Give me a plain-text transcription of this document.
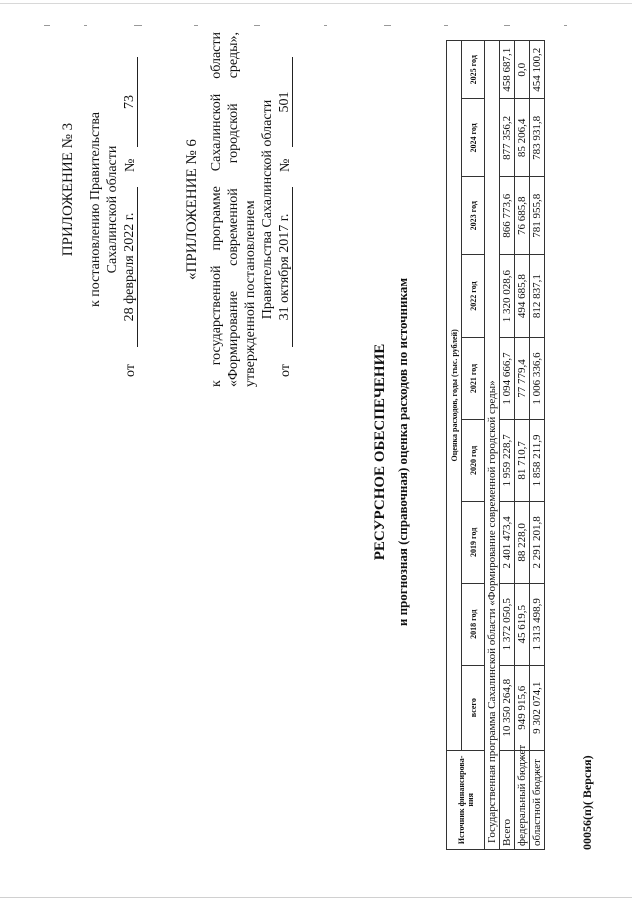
ПРИЛОЖЕНИЕ № 3 к постановлению Правительства Сахалинской области
от
28 февраля 2022 г.
№
73
«ПРИЛОЖЕНИЕ № 6 к государственной программе Сахалинской области «Формирование современной городской среды», утвержденной постановлением Правительства Сахалинской области
от
31 октября 2017 г.
№
501
РЕСУРСНОЕ ОБЕСПЕЧЕНИЕ и прогнозная (справочная) оценка расходов по источникам
Источник финансирова-ния	Оценка расходов, годы (тыс. рублей)								
	всего	2018 год	2019 год	2020 год	2021 год	2022 год	2023 год	2024 год	2025 год
Государственная программа Сахалинской области «Формирование современной городской среды»									
Всего	10 350 264,8	1 372 050,5	2 401 473,4	1 959 228,7	1 094 666,7	1 320 028,6	866 773,6	877 356,2	458 687,1
федеральный бюджет	949 915,6	45 619,5	88 228,0	81 710,7	77 779,4	494 685,8	76 685,8	85 206,4	0,0
областной бюджет	9 302 074,1	1 313 498,9	2 291 201,8	1 858 211,9	1 006 336,6	812 837,1	781 955,8	783 931,8	454 100,2
00056(п)( Версия)
